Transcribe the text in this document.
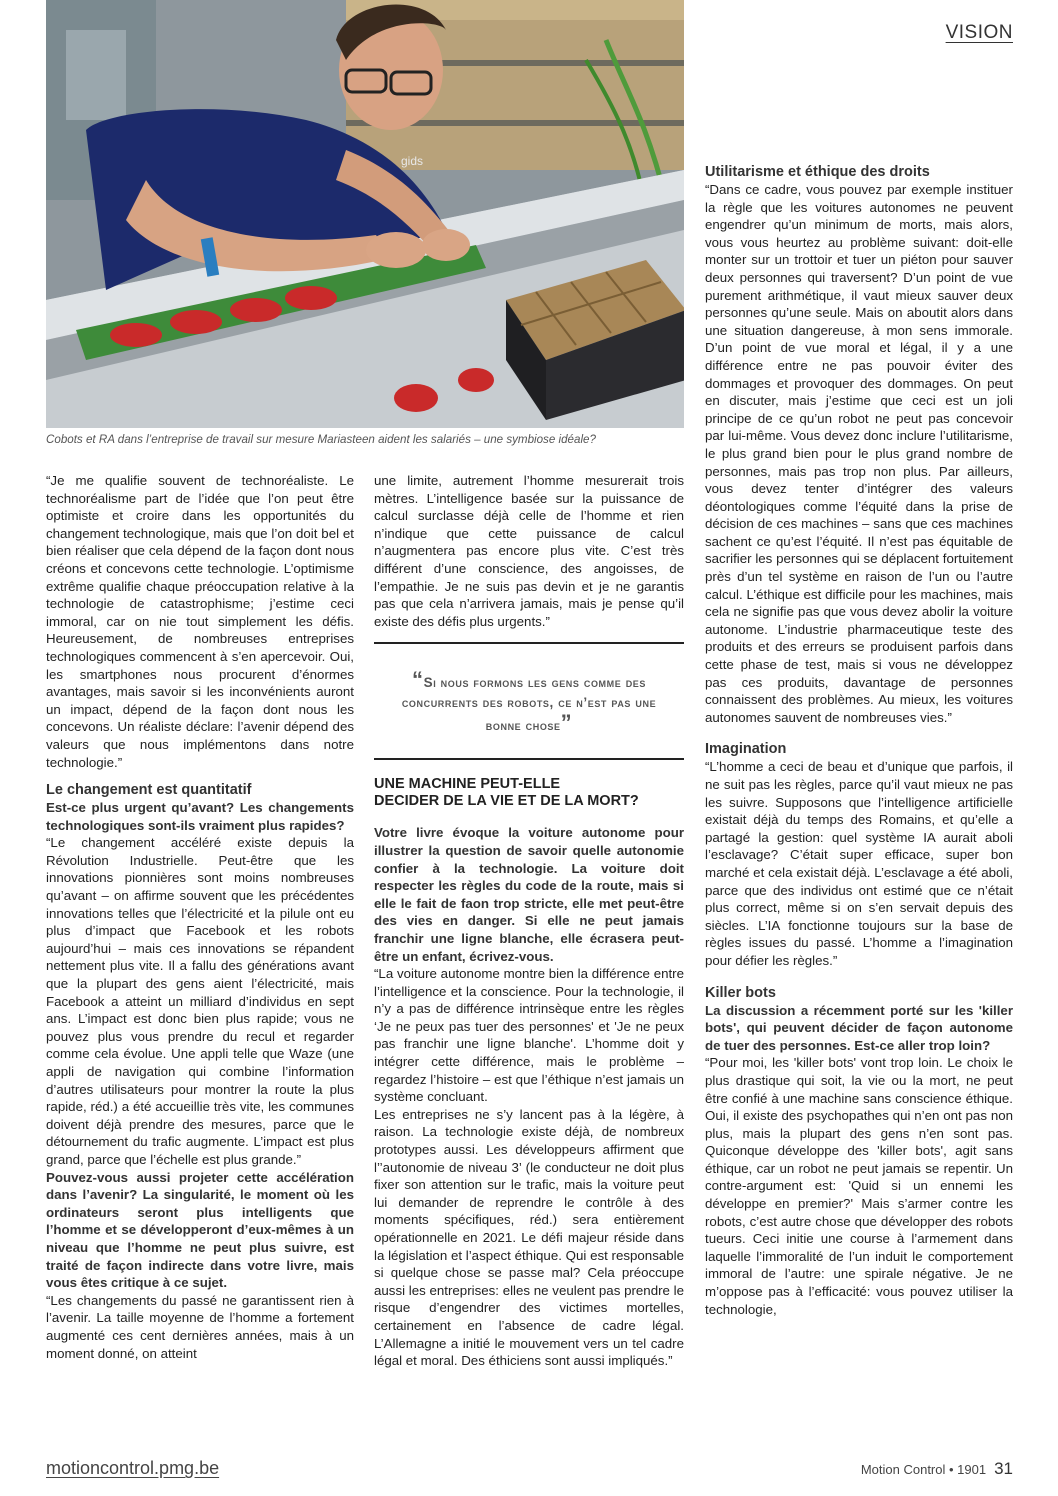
gids
Cobots et RA dans l’entreprise de travail sur mesure Mariasteen aident les salariés – une symbiose idéale?
VISION

“Je me qualifie souvent de technoréaliste. Le technoréalisme part de l’idée que l’on peut être optimiste et croire dans les opportunités du changement technologique, mais que l’on doit bel et bien réaliser que cela dépend de la façon dont nous créons et concevons cette technologie. L’optimisme extrême qualifie chaque préoccupation relative à la technologie de catastrophisme; j’estime ceci immoral, car on nie tout simplement les défis. Heureusement, de nombreuses entreprises technologiques commencent à s’en apercevoir. Oui, les smartphones nous procurent d’énormes avantages, mais savoir si les inconvénients auront un impact, dépend de la façon dont nous les concevons. Un réaliste déclare: l’avenir dépend des valeurs que nous implémentons dans notre technologie.”

Le changement est quantitatif

Est-ce plus urgent qu’avant? Les changements technologiques sont-ils vraiment plus rapides?

“Le changement accéléré existe depuis la Révolution Industrielle. Peut-être que les innovations pionnières sont moins nombreuses qu’avant – on affirme souvent que les précédentes innovations telles que l’électricité et la pilule ont eu plus d’impact que Facebook et les robots aujourd’hui – mais ces innovations se répandent nettement plus vite. Il a fallu des générations avant que la plupart des gens aient l’électricité, mais Facebook a atteint un milliard d’individus en sept ans. L’impact est donc bien plus rapide; vous ne pouvez plus vous prendre du recul et regarder comme cela évolue. Une appli telle que Waze (une appli de navigation qui combine l’information d’autres utilisateurs pour montrer la route la plus rapide, réd.) a été accueillie très vite, les communes doivent déjà prendre des mesures, parce que le détournement du trafic augmente. L’impact est plus grand, parce que l’échelle est plus grande.”

Pouvez-vous aussi projeter cette accélération dans l’avenir? La singularité, le moment où les ordinateurs seront plus intelligents que l’homme et se développeront d’eux-mêmes à un niveau que l’homme ne peut plus suivre, est traité de façon indirecte dans votre livre, mais vous êtes critique à ce sujet.

“Les changements du passé ne garantissent rien à l’avenir. La taille moyenne de l’homme a fortement augmenté ces cent dernières années, mais à un moment donné, on atteint

une limite, autrement l’homme mesurerait trois mètres. L’intelligence basée sur la puissance de calcul surclasse déjà celle de l’homme et rien n’indique que cette puissance de calcul n’augmentera pas encore plus vite. C’est très différent d’une conscience, des angoisses, de l’empathie. Je ne suis pas devin et je ne garantis pas que cela n’arrivera jamais, mais je pense qu’il existe des défis plus urgents.”

“Si nous formons les gens comme des concurrents des robots, ce n’est pas une bonne chose”
UNE MACHINE PEUT-ELLE
DECIDER DE LA VIE ET DE LA MORT?

Votre livre évoque la voiture autonome pour illustrer la question de savoir quelle autonomie confier à la technologie. La voiture doit respecter les règles du code de la route, mais si elle le fait de faon trop stricte, elle met peut-être des vies en danger. Si elle ne peut jamais franchir une ligne blanche, elle écrasera peut-être un enfant, écrivez-vous.

“La voiture autonome montre bien la différence entre l’intelligence et la conscience. Pour la technologie, il n’y a pas de différence intrinsèque entre les règles ‘Je ne peux pas tuer des personnes' et 'Je ne peux pas franchir une ligne blanche'. L’homme doit y intégrer cette différence, mais le problème – regardez l’histoire – est que l’éthique n’est jamais un système concluant.

Les entreprises ne s’y lancent pas à la légère, à raison. La technologie existe déjà, de nombreux prototypes aussi. Les développeurs affirment que l’’autonomie de niveau 3’ (le conducteur ne doit plus fixer son attention sur le trafic, mais la voiture peut lui demander de reprendre le contrôle à des moments spécifiques, réd.) sera entièrement opérationnelle en 2021. Le défi majeur réside dans la législation et l’aspect éthique. Qui est responsable si quelque chose se passe mal? Cela préoccupe aussi les entreprises: elles ne veulent pas prendre le risque d’engendrer des victimes mortelles, certainement en l’absence de cadre légal. L’Allemagne a initié le mouvement vers un tel cadre légal et moral. Des éthiciens sont aussi impliqués.”

Utilitarisme et éthique des droits

“Dans ce cadre, vous pouvez par exemple instituer la règle que les voitures autonomes ne peuvent engendrer qu’un minimum de morts, mais alors, vous vous heurtez au problème suivant: doit-elle monter sur un trottoir et tuer un piéton pour sauver deux personnes qui traversent? D’un point de vue purement arithmétique, il vaut mieux sauver deux personnes qu’une seule. Mais on aboutit alors dans une situation dangereuse, à mon sens immorale. D’un point de vue moral et légal, il y a une différence entre ne pas pouvoir éviter des dommages et provoquer des dommages. On peut en discuter, mais j’estime que ceci est un joli principe de ce qu’un robot ne peut pas concevoir par lui-même. Vous devez donc inclure l’utilitarisme, le plus grand bien pour le plus grand nombre de personnes, mais pas trop non plus. Par ailleurs, vous devez tenter d’intégrer des valeurs déontologiques comme l’équité dans la prise de décision de ces machines – sans que ces machines sachent ce qu’est l’équité. Il n’est pas équitable de sacrifier les personnes qui se déplacent fortuitement près d’un tel système en raison de l’un ou l’autre calcul. L’éthique est difficile pour les machines, mais cela ne signifie pas que vous devez abolir la voiture autonome. L’industrie pharmaceutique teste des produits et des erreurs se produisent parfois dans cette phase de test, mais si vous ne développez pas ces produits, davantage de personnes connaissent des problèmes. Au mieux, les voitures autonomes sauvent de nombreuses vies.”

Imagination

“L’homme a ceci de beau et d’unique que parfois, il ne suit pas les règles, parce qu’il vaut mieux ne pas les suivre. Supposons que l’intelligence artificielle existait déjà du temps des Romains, et qu’elle a partagé la gestion: quel système IA aurait aboli l’esclavage? C’était super efficace, super bon marché et cela existait déjà. L’esclavage a été aboli, parce que des individus ont estimé que ce n’était plus correct, même si on s’en servait depuis des siècles. L’IA fonctionne toujours sur la base de règles issues du passé. L’homme a l’imagination pour défier les règles.”

Killer bots

La discussion a récemment porté sur les 'killer bots', qui peuvent décider de façon autonome de tuer des personnes. Est-ce aller trop loin?

“Pour moi, les 'killer bots' vont trop loin. Le choix le plus drastique qui soit, la vie ou la mort, ne peut être confié à une machine sans conscience éthique. Oui, il existe des psychopathes qui n’en ont pas non plus, mais la plupart des gens n’en sont pas. Quiconque développe des 'killer bots', agit sans éthique, car un robot ne peut jamais se repentir. Un contre-argument est: 'Quid si un ennemi les développe en premier?' Mais s’armer contre les robots, c’est autre chose que développer des robots tueurs. Ceci initie une course à l’armement dans laquelle l’immoralité de l’un induit le comportement immoral de l’autre: une spirale négative. Je ne m’oppose pas à l’efficacité: vous pouvez utiliser la technologie,

motioncontrol.pmg.be	Motion Control • 1901 31
